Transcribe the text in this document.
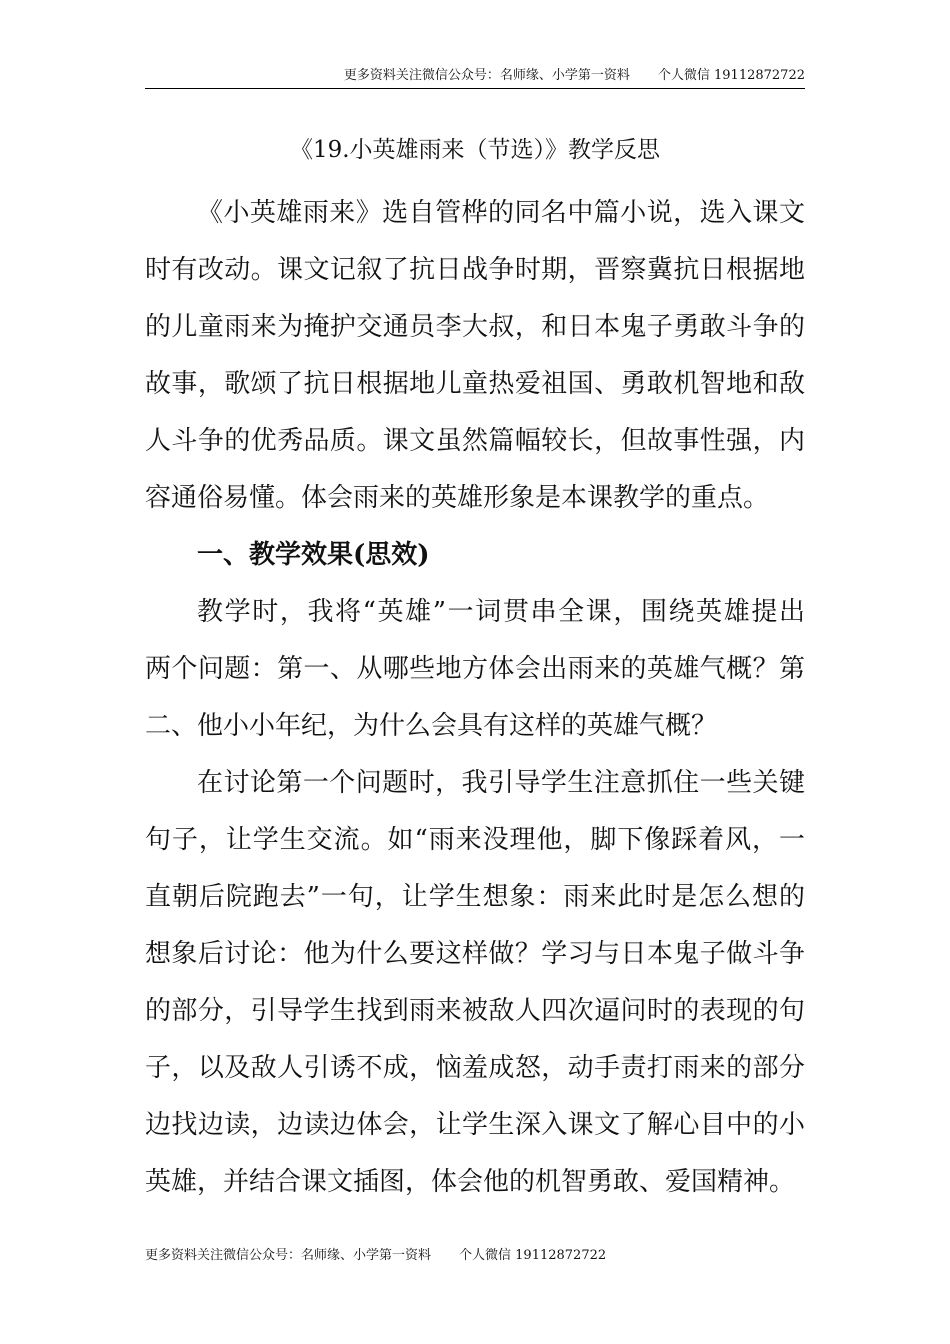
更多资料关注微信公众号：名师缘、小学第一资料 个人微信 19112872722
《19.小英雄雨来（节选）》教学反思
《小英雄雨来》选自管桦的同名中篇小说，选入课文
时有改动。课文记叙了抗日战争时期，晋察冀抗日根据地
的儿童雨来为掩护交通员李大叔，和日本鬼子勇敢斗争的
故事，歌颂了抗日根据地儿童热爱祖国、勇敢机智地和敌
人斗争的优秀品质。课文虽然篇幅较长，但故事性强，内
容通俗易懂。体会雨来的英雄形象是本课教学的重点。
一、教学效果(思效)
教学时，我将“英雄”一词贯串全课，围绕英雄提出
两个问题：第一、从哪些地方体会出雨来的英雄气概？第
二、他小小年纪，为什么会具有这样的英雄气概？
在讨论第一个问题时，我引导学生注意抓住一些关键
句子，让学生交流。如“雨来没理他，脚下像踩着风，一
直朝后院跑去”一句，让学生想象：雨来此时是怎么想的
想象后讨论：他为什么要这样做？学习与日本鬼子做斗争
的部分，引导学生找到雨来被敌人四次逼问时的表现的句
子，以及敌人引诱不成，恼羞成怒，动手责打雨来的部分
边找边读，边读边体会，让学生深入课文了解心目中的小
英雄，并结合课文插图，体会他的机智勇敢、爱国精神。
更多资料关注微信公众号：名师缘、小学第一资料 个人微信 19112872722
